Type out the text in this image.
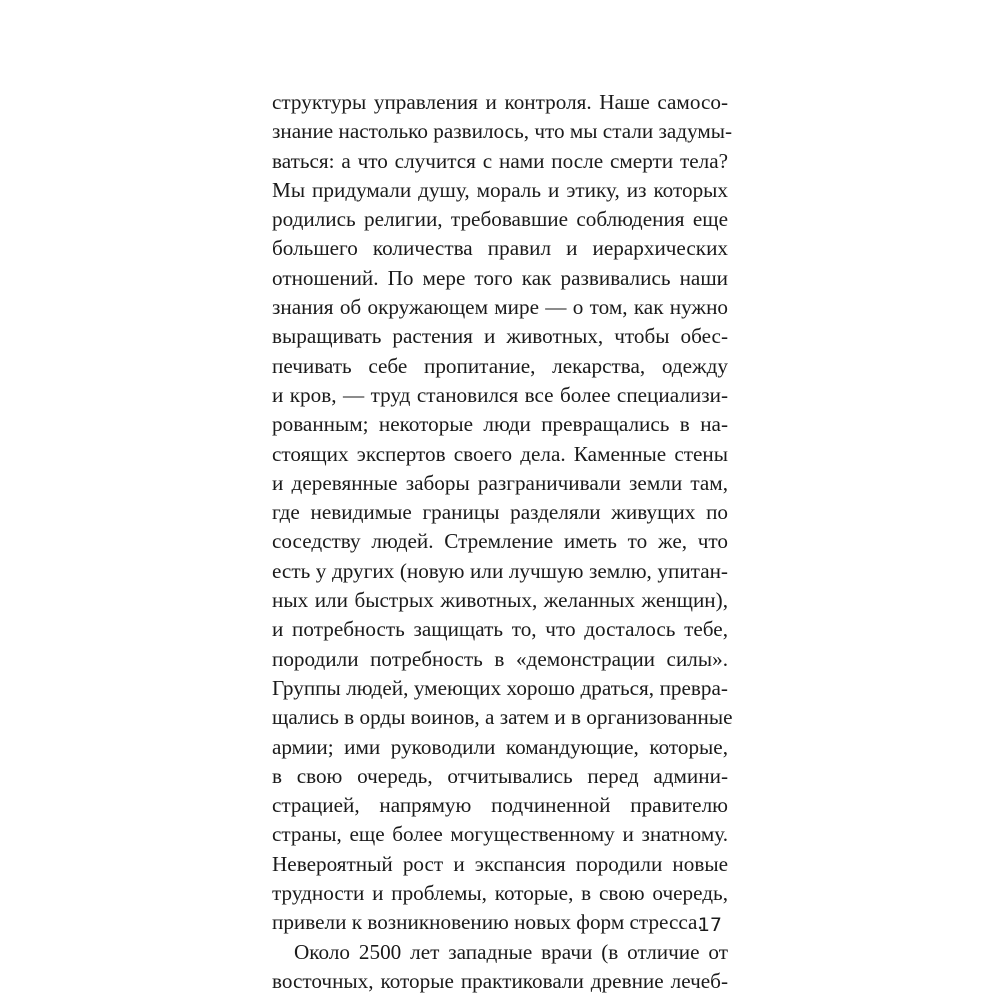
структуры управления и контроля. Наше самосо-
знание настолько развилось, что мы стали задумы-
ваться: а что случится с нами после смерти тела?
Мы придумали душу, мораль и этику, из которых
родились религии, требовавшие соблюдения еще
большего количества правил и иерархических
отношений. По мере того как развивались наши
знания об окружающем мире — о том, как нужно
выращивать растения и животных, чтобы обес-
печивать себе пропитание, лекарства, одежду
и кров, — труд становился все более специализи-
рованным; некоторые люди превращались в на-
стоящих экспертов своего дела. Каменные стены
и деревянные заборы разграничивали земли там,
где невидимые границы разделяли живущих по
соседству людей. Стремление иметь то же, что
есть у других (новую или лучшую землю, упитан-
ных или быстрых животных, желанных женщин),
и потребность защищать то, что досталось тебе,
породили потребность в «демонстрации силы».
Группы людей, умеющих хорошо драться, превра-
щались в орды воинов, а затем и в организованные
армии; ими руководили командующие, которые,
в свою очередь, отчитывались перед админи-
страцией, напрямую подчиненной правителю
страны, еще более могущественному и знатному.
Невероятный рост и экспансия породили новые
трудности и проблемы, которые, в свою очередь,
привели к возникновению новых форм стресса.
Около 2500 лет западные врачи (в отличие от
восточных, которые практиковали древние лечеб-
17
